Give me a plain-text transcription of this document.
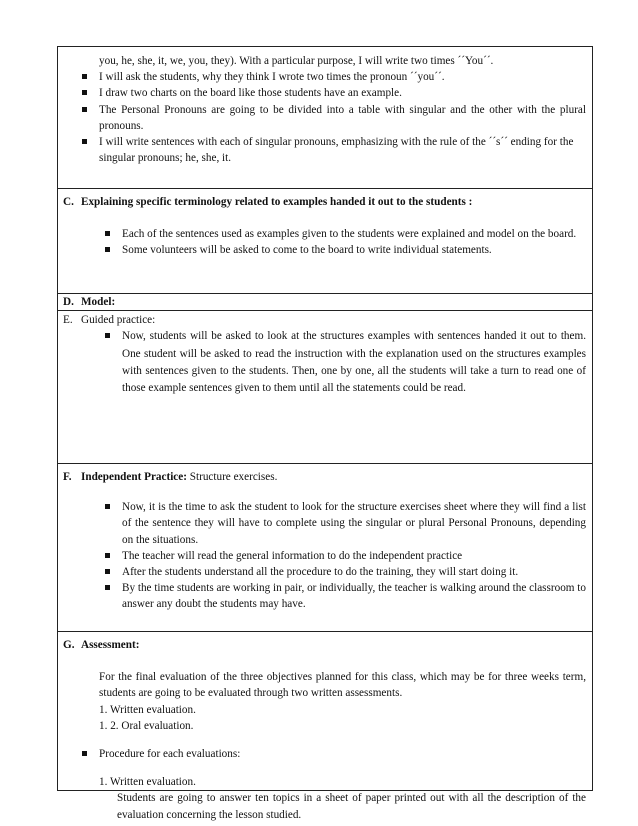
you, he, she, it, we, you, they). With a particular purpose, I will write two times ´´You´´.

I will ask the students, why they think I wrote two times the pronoun ´´you´´.
I draw two charts on the board like those students have an example.
The Personal Pronouns are going to be divided into a table with singular and the other with the plural pronouns.
I will write sentences with each of singular pronouns, emphasizing with the rule of the ´´s´´ ending for the singular pronouns; he, she, it.

C. Explaining specific terminology related to examples handed it out to the students :

Each of the sentences used as examples given to the students were explained and model on the board.
Some volunteers will be asked to come to the board to write individual statements.

D. Model:

E. Guided practice:

Now, students will be asked to look at the structures examples with sentences handed it out to them. One student will be asked to read the instruction with the explanation used on the structures examples with sentences given to the students. Then, one by one, all the students will take a turn to read one of those example sentences given to them until all the statements could be read.

F. Independent Practice: Structure exercises.

Now, it is the time to ask the student to look for the structure exercises sheet where they will find a list of the sentence they will have to complete using the singular or plural Personal Pronouns, depending on the situations.
The teacher will read the general information to do the independent practice
After the students understand all the procedure to do the training, they will start doing it.
By the time students are working in pair, or individually, the teacher is walking around the classroom to answer any doubt the students may have.

G. Assessment:

For the final evaluation of the three objectives planned for this class, which may be for three weeks term, students are going to be evaluated through two written assessments.

1. Written evaluation.

1. 2. Oral evaluation.

Procedure for each evaluations:

1. Written evaluation.

Students are going to answer ten topics in a sheet of paper printed out with all the description of the evaluation concerning the lesson studied.
